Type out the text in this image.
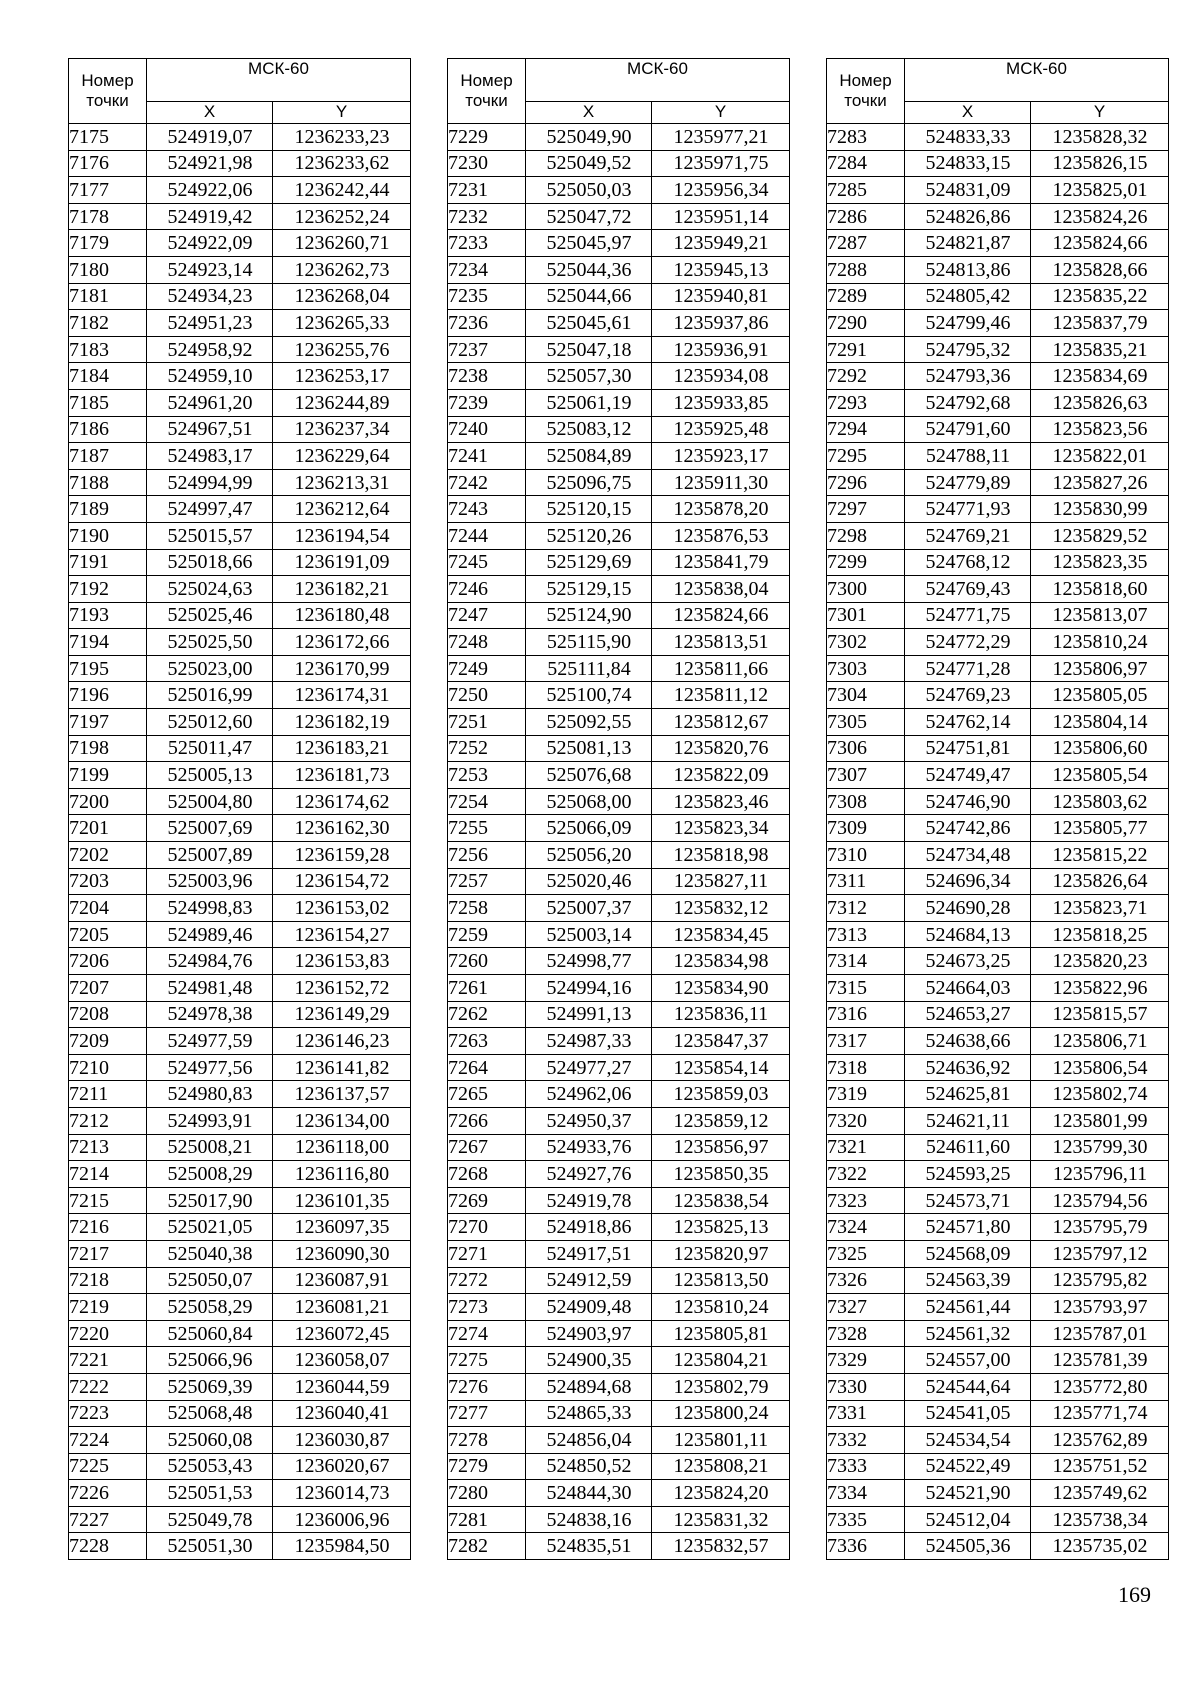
Номер
точки	МСК-60	
	X	Y
7175	524919,07	1236233,23
7176	524921,98	1236233,62
7177	524922,06	1236242,44
7178	524919,42	1236252,24
7179	524922,09	1236260,71
7180	524923,14	1236262,73
7181	524934,23	1236268,04
7182	524951,23	1236265,33
7183	524958,92	1236255,76
7184	524959,10	1236253,17
7185	524961,20	1236244,89
7186	524967,51	1236237,34
7187	524983,17	1236229,64
7188	524994,99	1236213,31
7189	524997,47	1236212,64
7190	525015,57	1236194,54
7191	525018,66	1236191,09
7192	525024,63	1236182,21
7193	525025,46	1236180,48
7194	525025,50	1236172,66
7195	525023,00	1236170,99
7196	525016,99	1236174,31
7197	525012,60	1236182,19
7198	525011,47	1236183,21
7199	525005,13	1236181,73
7200	525004,80	1236174,62
7201	525007,69	1236162,30
7202	525007,89	1236159,28
7203	525003,96	1236154,72
7204	524998,83	1236153,02
7205	524989,46	1236154,27
7206	524984,76	1236153,83
7207	524981,48	1236152,72
7208	524978,38	1236149,29
7209	524977,59	1236146,23
7210	524977,56	1236141,82
7211	524980,83	1236137,57
7212	524993,91	1236134,00
7213	525008,21	1236118,00
7214	525008,29	1236116,80
7215	525017,90	1236101,35
7216	525021,05	1236097,35
7217	525040,38	1236090,30
7218	525050,07	1236087,91
7219	525058,29	1236081,21
7220	525060,84	1236072,45
7221	525066,96	1236058,07
7222	525069,39	1236044,59
7223	525068,48	1236040,41
7224	525060,08	1236030,87
7225	525053,43	1236020,67
7226	525051,53	1236014,73
7227	525049,78	1236006,96
7228	525051,30	1235984,50
Номер
точки	МСК-60	
	X	Y
7229	525049,90	1235977,21
7230	525049,52	1235971,75
7231	525050,03	1235956,34
7232	525047,72	1235951,14
7233	525045,97	1235949,21
7234	525044,36	1235945,13
7235	525044,66	1235940,81
7236	525045,61	1235937,86
7237	525047,18	1235936,91
7238	525057,30	1235934,08
7239	525061,19	1235933,85
7240	525083,12	1235925,48
7241	525084,89	1235923,17
7242	525096,75	1235911,30
7243	525120,15	1235878,20
7244	525120,26	1235876,53
7245	525129,69	1235841,79
7246	525129,15	1235838,04
7247	525124,90	1235824,66
7248	525115,90	1235813,51
7249	525111,84	1235811,66
7250	525100,74	1235811,12
7251	525092,55	1235812,67
7252	525081,13	1235820,76
7253	525076,68	1235822,09
7254	525068,00	1235823,46
7255	525066,09	1235823,34
7256	525056,20	1235818,98
7257	525020,46	1235827,11
7258	525007,37	1235832,12
7259	525003,14	1235834,45
7260	524998,77	1235834,98
7261	524994,16	1235834,90
7262	524991,13	1235836,11
7263	524987,33	1235847,37
7264	524977,27	1235854,14
7265	524962,06	1235859,03
7266	524950,37	1235859,12
7267	524933,76	1235856,97
7268	524927,76	1235850,35
7269	524919,78	1235838,54
7270	524918,86	1235825,13
7271	524917,51	1235820,97
7272	524912,59	1235813,50
7273	524909,48	1235810,24
7274	524903,97	1235805,81
7275	524900,35	1235804,21
7276	524894,68	1235802,79
7277	524865,33	1235800,24
7278	524856,04	1235801,11
7279	524850,52	1235808,21
7280	524844,30	1235824,20
7281	524838,16	1235831,32
7282	524835,51	1235832,57
Номер
точки	МСК-60	
	X	Y
7283	524833,33	1235828,32
7284	524833,15	1235826,15
7285	524831,09	1235825,01
7286	524826,86	1235824,26
7287	524821,87	1235824,66
7288	524813,86	1235828,66
7289	524805,42	1235835,22
7290	524799,46	1235837,79
7291	524795,32	1235835,21
7292	524793,36	1235834,69
7293	524792,68	1235826,63
7294	524791,60	1235823,56
7295	524788,11	1235822,01
7296	524779,89	1235827,26
7297	524771,93	1235830,99
7298	524769,21	1235829,52
7299	524768,12	1235823,35
7300	524769,43	1235818,60
7301	524771,75	1235813,07
7302	524772,29	1235810,24
7303	524771,28	1235806,97
7304	524769,23	1235805,05
7305	524762,14	1235804,14
7306	524751,81	1235806,60
7307	524749,47	1235805,54
7308	524746,90	1235803,62
7309	524742,86	1235805,77
7310	524734,48	1235815,22
7311	524696,34	1235826,64
7312	524690,28	1235823,71
7313	524684,13	1235818,25
7314	524673,25	1235820,23
7315	524664,03	1235822,96
7316	524653,27	1235815,57
7317	524638,66	1235806,71
7318	524636,92	1235806,54
7319	524625,81	1235802,74
7320	524621,11	1235801,99
7321	524611,60	1235799,30
7322	524593,25	1235796,11
7323	524573,71	1235794,56
7324	524571,80	1235795,79
7325	524568,09	1235797,12
7326	524563,39	1235795,82
7327	524561,44	1235793,97
7328	524561,32	1235787,01
7329	524557,00	1235781,39
7330	524544,64	1235772,80
7331	524541,05	1235771,74
7332	524534,54	1235762,89
7333	524522,49	1235751,52
7334	524521,90	1235749,62
7335	524512,04	1235738,34
7336	524505,36	1235735,02
169
